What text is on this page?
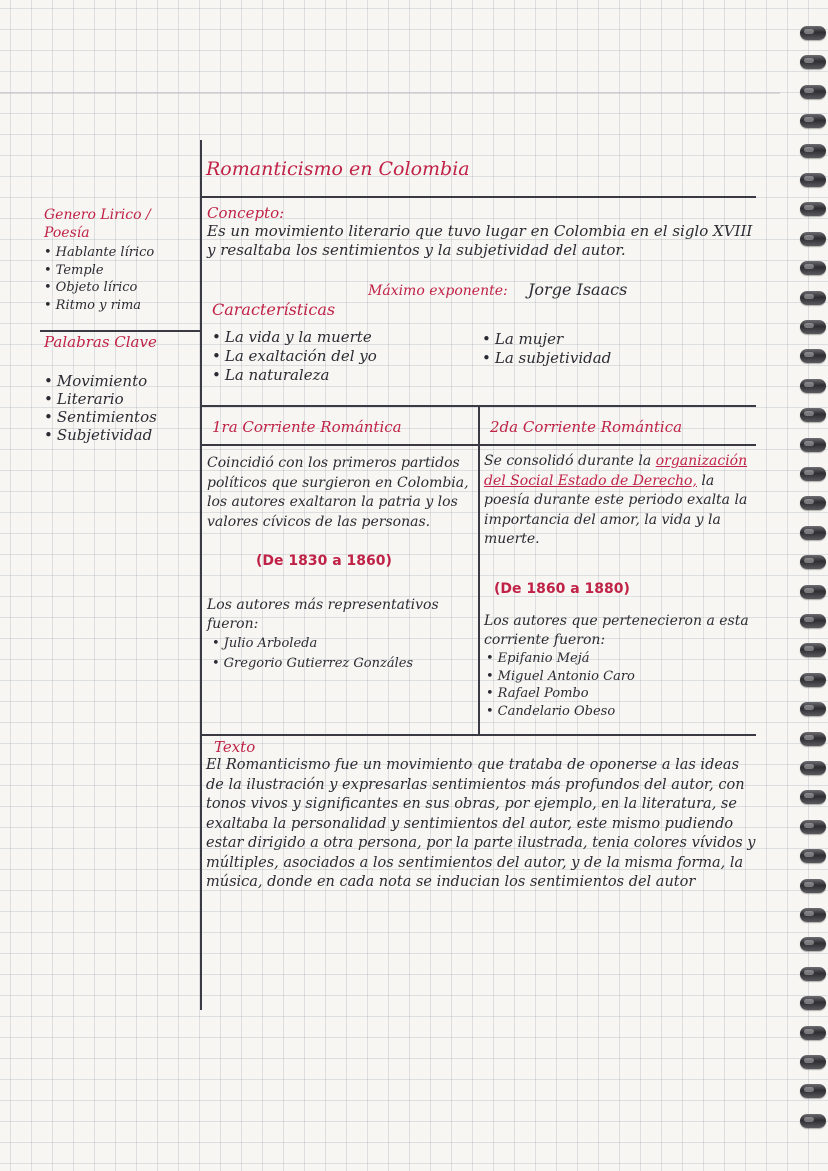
Romanticismo en Colombia
Genero Lirico / Poesía
• Hablante lírico
• Temple
• Objeto lírico
• Ritmo y rima
Palabras Clave
• Movimiento
• Literario
• Sentimientos
• Subjetividad
Concepto:
Es un movimiento literario que tuvo lugar en Colombia en el siglo XVIII y resaltaba los sentimientos y la subjetividad del autor.
Máximo exponente: Jorge Isaacs
Características
• La vida y la muerte
• La exaltación del yo
• La naturaleza
• La mujer
• La subjetividad
1ra Corriente Romántica
Coincidió con los primeros partidos políticos que surgieron en Colombia, los autores exaltaron la patria y los valores cívicos de las personas.
(De 1830 a 1860)
Los autores más representativos fueron:
• Julio Arboleda
• Gregorio Gutierrez Gonzáles
2da Corriente Romántica
Se consolidó durante la organización del Social Estado de Derecho, la poesía durante este periodo exalta la importancia del amor, la vida y la muerte.
(De 1860 a 1880)
Los autores que pertenecieron a esta corriente fueron:
• Epifanio Mejá
• Miguel Antonio Caro
• Rafael Pombo
• Candelario Obeso
Texto
El Romanticismo fue un movimiento que trataba de oponerse a las ideas de la ilustración y expresarlas sentimientos más profundos del autor, con tonos vivos y significantes en sus obras, por ejemplo, en la literatura, se exaltaba la personalidad y sentimientos del autor, este mismo pudiendo estar dirigido a otra persona, por la parte ilustrada, tenia colores vívidos y múltiples, asociados a los sentimientos del autor, y de la misma forma, la música, donde en cada nota se inducian los sentimientos del autor
